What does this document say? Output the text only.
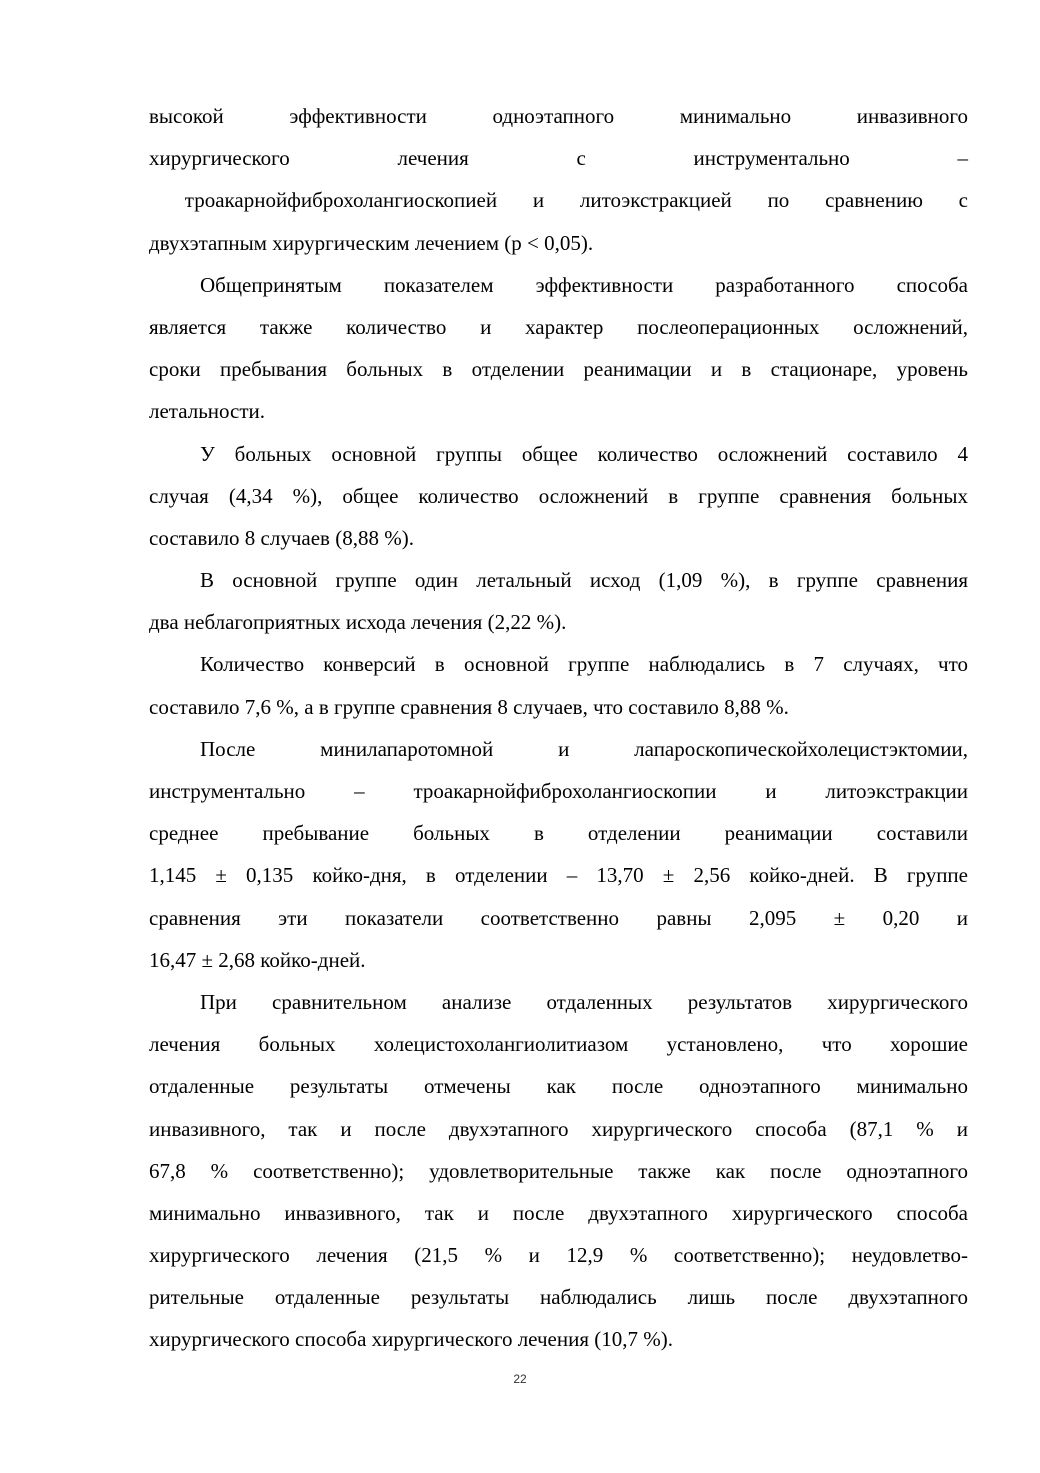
высокой эффективности одноэтапного минимально инвазивного
хирургического лечения с инструментально –
троакарнойфиброхолангиоскопией и литоэкстракцией по сравнению с
двухэтапным хирургическим лечением (p < 0,05).
Общепринятым показателем эффективности разработанного способа
является также количество и характер послеоперационных осложнений,
сроки пребывания больных в отделении реанимации и в стационаре, уровень
летальности.
У больных основной группы общее количество осложнений составило 4
случая (4,34 %), общее количество осложнений в группе сравнения больных
составило 8 случаев (8,88 %).
В основной группе один летальный исход (1,09 %), в группе сравнения
два неблагоприятных исхода лечения (2,22 %).
Количество конверсий в основной группе наблюдались в 7 случаях, что
составило 7,6 %, а в группе сравнения 8 случаев, что составило 8,88 %.
После минилапаротомной и лапароскопическойхолецистэктомии,
инструментально – троакарнойфиброхолангиоскопии и литоэкстракции
среднее пребывание больных в отделении реанимации составили
1,145 ± 0,135 койко-дня, в отделении – 13,70 ± 2,56 койко-дней. В группе
сравнения эти показатели соответственно равны 2,095 ± 0,20 и
16,47 ± 2,68 койко-дней.
При сравнительном анализе отдаленных результатов хирургического
лечения больных холецистохолангиолитиазом установлено, что хорошие
отдаленные результаты отмечены как после одноэтапного минимально
инвазивного, так и после двухэтапного хирургического способа (87,1 % и
67,8 % соответственно); удовлетворительные также как после одноэтапного
минимально инвазивного, так и после двухэтапного хирургического способа
хирургического лечения (21,5 % и 12,9 % соответственно); неудовлетво-
рительные отдаленные результаты наблюдались лишь после двухэтапного
хирургического способа хирургического лечения (10,7 %).
22
